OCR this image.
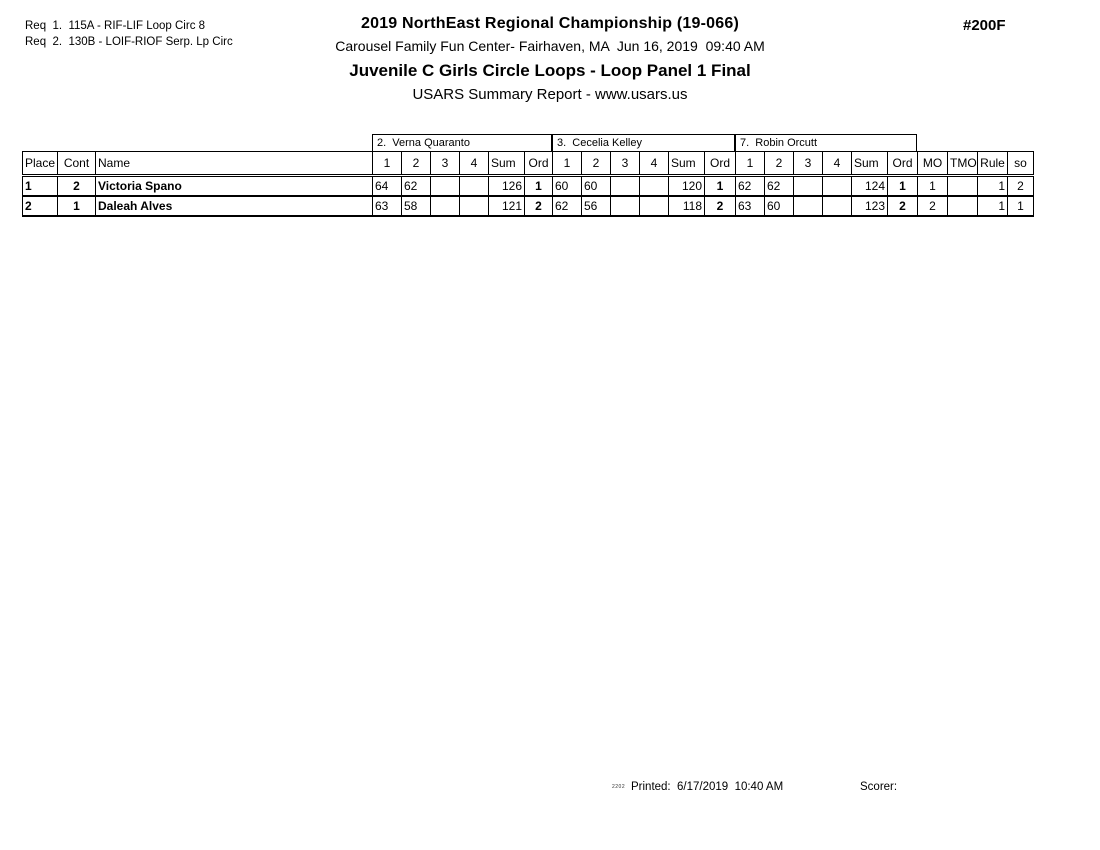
Req  1.  115A - RIF-LIF Loop Circ 8
Req  2.  130B - LOIF-RIOF Serp. Lp Circ
2019 NorthEast Regional Championship (19-066)
Carousel Family Fun Center- Fairhaven, MA  Jun 16, 2019  09:40 AM
Juvenile C Girls Circle Loops - Loop Panel 1 Final
USARS Summary Report - www.usars.us
#200F
2.  Verna Quaranto	3.  Cecelia Kelley	7.  Robin Orcutt
Place	Cont	Name	1	2	3	4	Sum	Ord	1	2	3	4	Sum	Ord	1	2	3	4	Sum	Ord	MO	TMO	Rule	so
1	2	Victoria Spano	64	62			126	1	60	60			120	1	62	62			124	1	1		1	2
2	1	Daleah Alves	63	58			121	2	62	56			118	2	63	60			123	2	2		1	1
2202 Printed:  6/17/2019  10:40 AM	Scorer:
